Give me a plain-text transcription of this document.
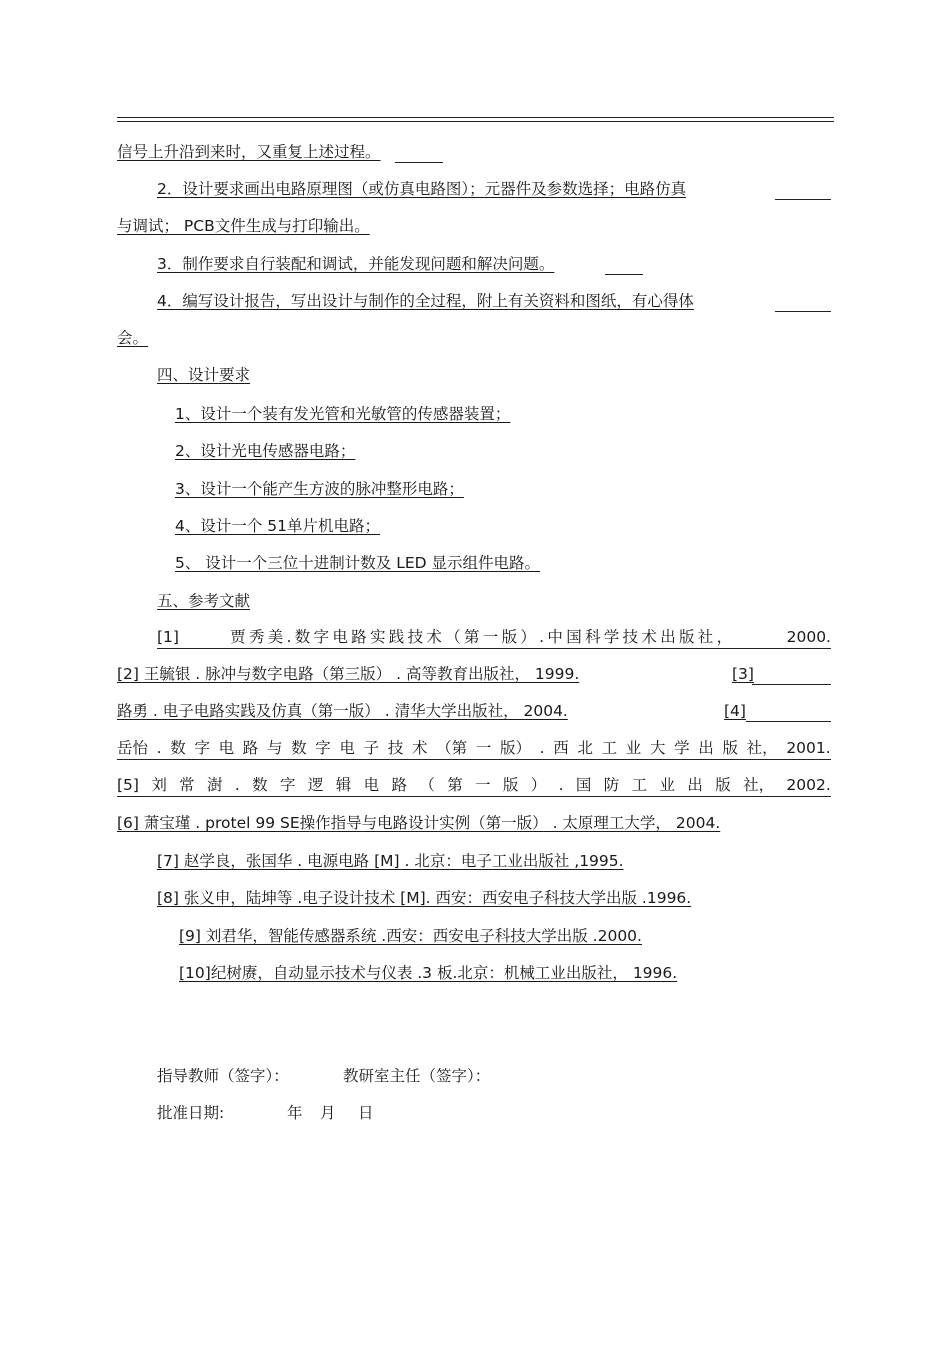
信号上升沿到来时，又重复上述过程。
2．设计要求画出电路原理图（或仿真电路图）；元器件及参数选择；电路仿真
与调试； PCB文件生成与打印输出。
3．制作要求自行装配和调试，并能发现问题和解决问题。
4．编写设计报告，写出设计与制作的全过程，附上有关资料和图纸，有心得体
会。
四、设计要求
1、设计一个装有发光管和光敏管的传感器装置；
2、设计光电传感器电路；
3、设计一个能产生方波的脉冲整形电路；
4、设计一个 51单片机电路；
5、 设计一个三位十进制计数及 LED 显示组件电路。
五、参考文献
[1]	贾秀美.数字电路实践技术（第一版）.中国科学技术出版社，	2000.
[2] 王毓银 . 脉冲与数字电路（第三版） . 高等教育出版社， 1999.	[3]
路勇 . 电子电路实践及仿真（第一版） . 清华大学出版社， 2004.	[4]
岳怡 . 数 字 电 路 与 数 字 电 子 技 术 （第 一 版） . 西 北 工 业 大 学 出 版 社， 2001.
[5] 刘 常 澍 . 数 字 逻 辑 电 路 （ 第 一 版 ） . 国 防 工 业 出 版 社， 2002.
[6] 萧宝瑾 . protel 99 SE操作指导与电路设计实例（第一版） . 太原理工大学， 2004.
[7] 赵学良，张国华 . 电源电路 [M] . 北京：电子工业出版社 ,1995.
[8] 张义申，陆坤等 .电子设计技术 [M]. 西安：西安电子科技大学出版 .1996.
[9] 刘君华，智能传感器系统 .西安：西安电子科技大学出版 .2000.
[10]纪树赓，自动显示技术与仪表 .3 板.北京：机械工业出版社， 1996.
指导教师（签字）：	教研室主任（签字）：
批准日期:	年 月 日
